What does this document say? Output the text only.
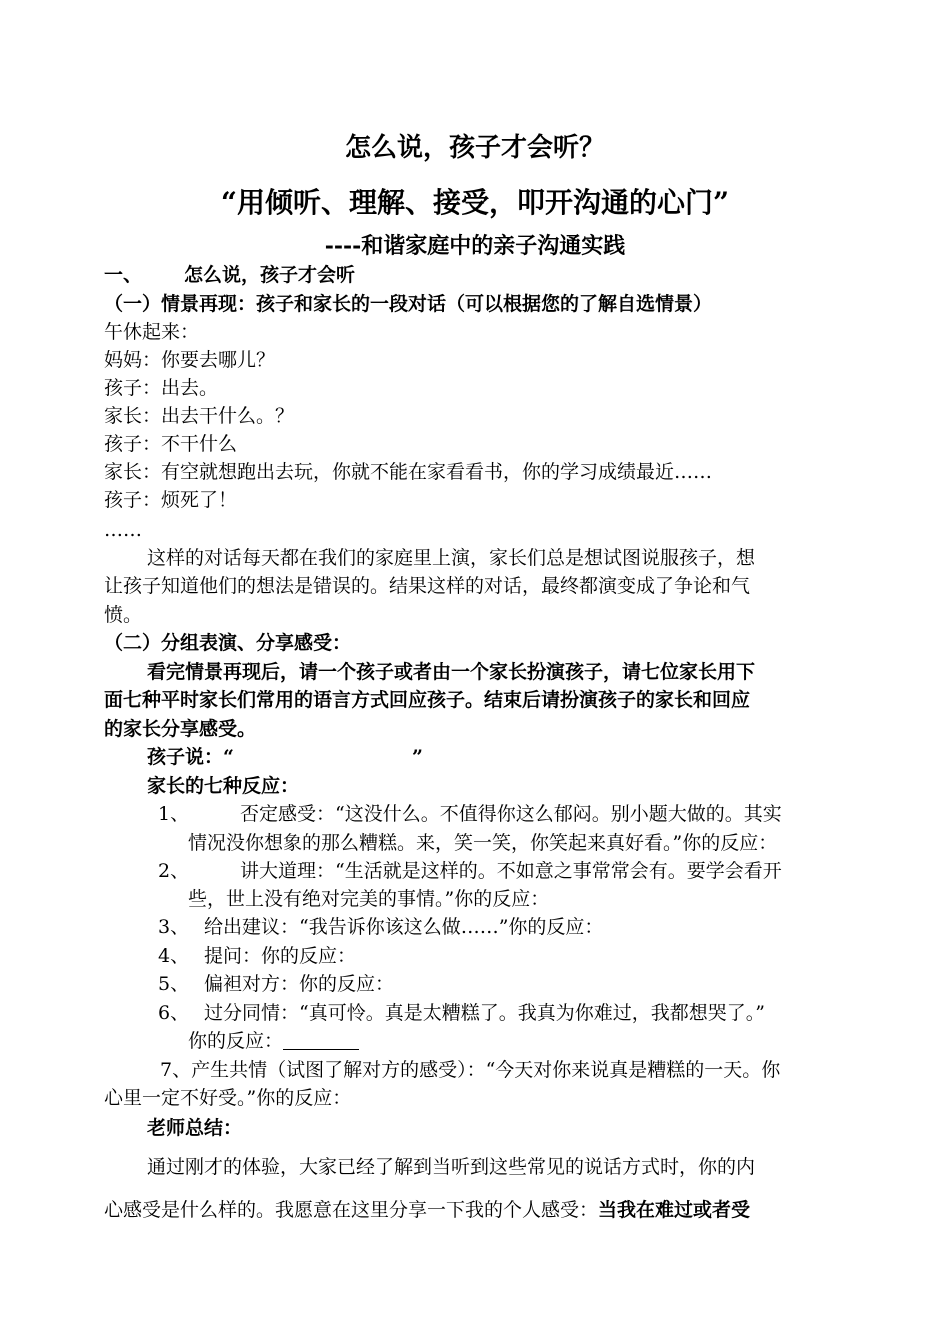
怎么说，孩子才会听？
“用倾听、理解、接受，叩开沟通的心门”
----和谐家庭中的亲子沟通实践
一、 怎么说，孩子才会听
（一）情景再现：孩子和家长的一段对话（可以根据您的了解自选情景）
午休起来：
妈妈：你要去哪儿？
孩子：出去。
家长：出去干什么。？
孩子：不干什么
家长：有空就想跑出去玩，你就不能在家看看书，你的学习成绩最近……
孩子：烦死了！
……
这样的对话每天都在我们的家庭里上演，家长们总是想试图说服孩子，想
让孩子知道他们的想法是错误的。结果这样的对话，最终都演变成了争论和气
愤。
（二）分组表演、分享感受：
看完情景再现后，请一个孩子或者由一个家长扮演孩子，请七位家长用下
面七种平时家长们常用的语言方式回应孩子。结束后请扮演孩子的家长和回应
的家长分享感受。
孩子说：“	”
家长的七种反应：
1、	否定感受：“这没什么。不值得你这么郁闷。别小题大做的。其实
情况没你想象的那么糟糕。来，笑一笑，你笑起来真好看。”你的反应：
2、	讲大道理：“生活就是这样的。不如意之事常常会有。要学会看开
些，世上没有绝对完美的事情。”你的反应：
3、 给出建议：“我告诉你该这么做……”你的反应：
4、 提问：你的反应：
5、 偏袒对方：你的反应：
6、 过分同情：“真可怜。真是太糟糕了。我真为你难过，我都想哭了。”
你的反应：
7、产生共情（试图了解对方的感受）：“今天对你来说真是糟糕的一天。你
心里一定不好受。”你的反应：
老师总结：
通过刚才的体验，大家已经了解到当听到这些常见的说话方式时，你的内
心感受是什么样的。我愿意在这里分享一下我的个人感受：当我在难过或者受
